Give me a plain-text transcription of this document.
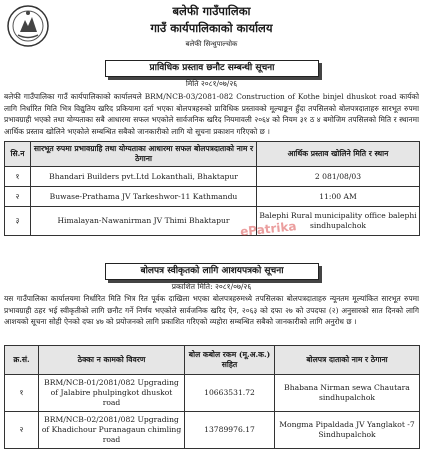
बलेफी गाउँपालिका
गाउँ कार्यपालिकाको कार्यालय
बलेफी सिन्धुपाल्चोक
प्राविधिक प्रस्ताव छनौट सम्बन्धी सूचना
मिति २०८१/०७/२६
बलेफी गाउँपालिका गाउँ कार्यपालिकाको कार्यालयले BRM/NCB-03/2081-082 Construction of Kothe binjel dhuskot road कार्यको लागि निर्धारित मिति भित्र विद्युतिय खरिद प्रकियामा दर्ता भएका बोलपत्रहरुको प्राविधिक प्रस्तावको मूल्याङ्कन हुँदा तपसिलको बोलपत्रदाताहरु सारभूत रुपमा प्रभावग्राही भएको तथा योग्यताका सबै आधारमा सफल भएकोले सार्वजनिक खरिद नियमावली २०६४ को नियम ३१ ठ ४ बमोजिम तपसिलको मिति र स्थानमा आर्थिक प्रस्ताव खोलिने भएकोले सम्बन्धित सबैको जानकारीको लागि यो सूचना प्रकाशन गरिएको छ ।
सि.न	सारभूत रुपमा प्रभावग्राहि तथा योग्यताका आधारमा सफल बोलपत्रदाताको नाम र ठेगाना	आर्थिक प्रस्ताव खोलिने मिति र स्थान
१	Bhandari Builders pvt.Ltd Lokanthali, Bhaktapur	2 081/08/03
२	Buwase-Prathama JV Tarkeshwor-11 Kathmandu	11:00 AM
३	Himalayan-Nawanirman JV Thimi Bhaktapur	Balephi Rural municipality office balephi sindhupalchok
ePatrika
बोलपत्र स्वीकृतको लागि आशयपत्रको सूचना
प्रकाशित मिति: २०८१/०७/२६
यस गाउँपालिका कार्यालयमा निर्धारित मिति भित्र रित पूर्वक दाखिला भएका बोलपत्रहरुमध्ये तपसिलका बोलपत्रदाताहरु न्यूनतम मूल्यांकित सारभूत रुपमा प्रभावग्राही ठहर भई स्वीकृतीको लागि छनौट गर्ने निर्णय भएकोले सार्वजनिक खरिद ऐन, २०६३ को दफा २७ को उपदफा (२) अनुसारको सात दिनको लागि आशयको सूचना सोही ऐनको दफा ४७ को प्रयोजनको लागि प्रकाशित गरिएको व्यहोरा सम्बन्धित सबैको जानकारीको लागि अनुरोध छ ।
क्र.सं.	ठेक्का न कामको विवरण	बोल कबोल रकम (मू.अ.क.) सहित	बोलपत्र दाताको नाम र ठेगाना
१	BRM/NCB-01/2081/082 Upgrading of Jalabire phulpingkot dhuskot road	10663531.72	Bhabana Nirman sewa Chautara sindhupalchok
२	BRM/NCB-02/2081/082 Upgrading of Khadichour Puranagaun chimling road	13789976.17	Mongma Pipaldada JV Yanglakot -7 Sindhupalchok
